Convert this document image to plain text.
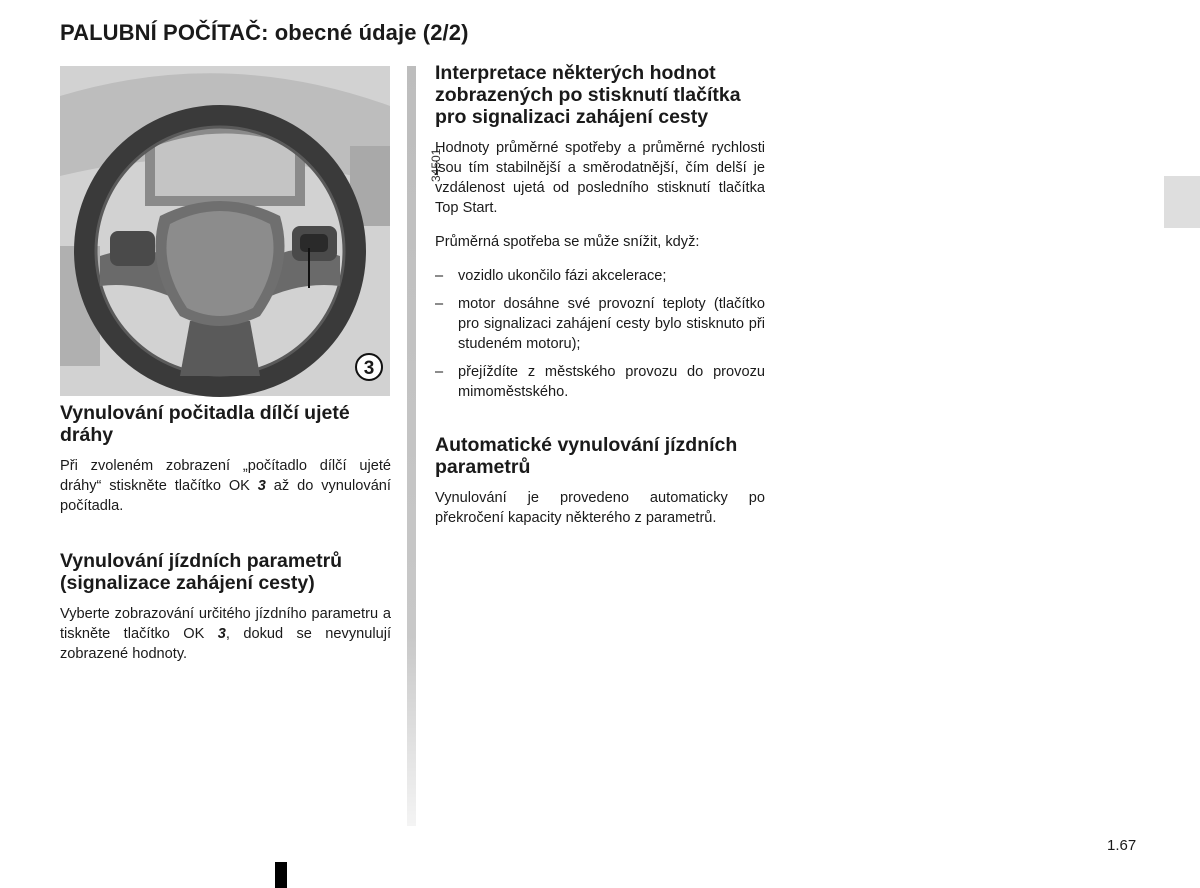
PALUBNÍ POČÍTAČ: obecné údaje (2/2)
3
34501
Vynulování počitadla dílčí ujeté dráhy

Při zvoleném zobrazení „počítadlo dílčí ujeté dráhy“ stiskněte tlačítko OK 3 až do vynulování počítadla.

Vynulování jízdních parametrů (signalizace zahájení cesty)

Vyberte zobrazování určitého jízdního parametru a tiskněte tlačítko OK 3, dokud se nevynulují zobrazené hodnoty.

Interpretace některých hodnot zobrazených po stisknutí tlačítka pro signalizaci zahájení cesty

Hodnoty průměrné spotřeby a průměrné rychlosti jsou tím stabilnější a směrodatnější, čím delší je vzdálenost ujetá od posledního stisknutí tlačítka Top Start.

Průměrná spotřeba se může snížit, když:

– vozidlo ukončilo fázi akcelerace;
– motor dosáhne své provozní teploty (tlačítko pro signalizaci zahájení cesty bylo stisknuto při studeném motoru);
– přejíždíte z městského provozu do provozu mimoměstského.
Automatické vynulování jízdních parametrů

Vynulování je provedeno automaticky po překročení kapacity některého z parametrů.

1.67
